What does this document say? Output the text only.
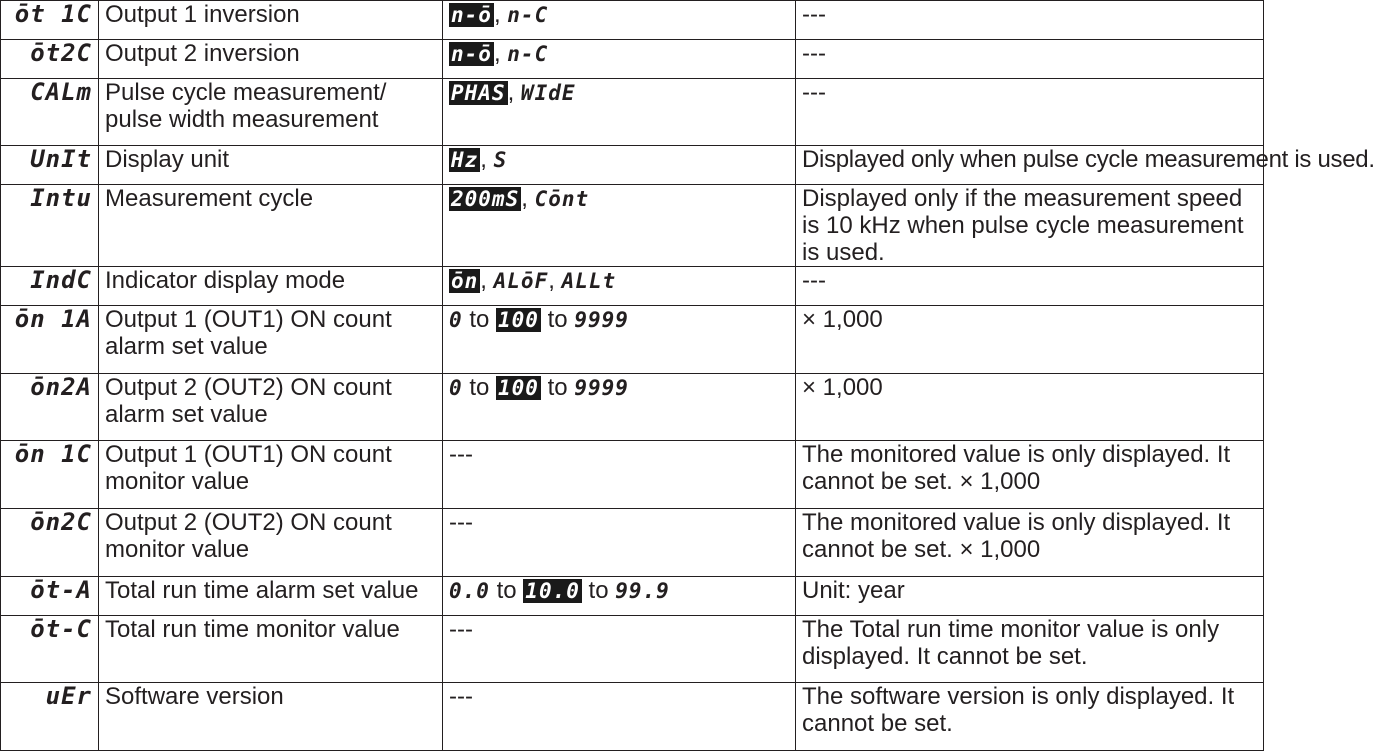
ōt 1C	Output 1 inversion	n-ō, n-C	---
ōt2C	Output 2 inversion	n-ō, n-C	---
CALm	Pulse cycle measurement/ pulse width measurement	PHAS, WIdE	---
UnIt	Display unit	Hz, S	Displayed only when pulse cycle measurement is used.
Intu	Measurement cycle	200mS, Cōnt	Displayed only if the measurement speed is 10 kHz when pulse cycle measurement is used.
IndC	Indicator display mode	ōn, ALōF, ALLt	---
ōn 1A	Output 1 (OUT1) ON count alarm set value	0 to 100 to 9999	× 1,000
ōn2A	Output 2 (OUT2) ON count alarm set value	0 to 100 to 9999	× 1,000
ōn 1C	Output 1 (OUT1) ON count monitor value	---	The monitored value is only displayed. It cannot be set. × 1,000
ōn2C	Output 2 (OUT2) ON count monitor value	---	The monitored value is only displayed. It cannot be set. × 1,000
ōt-A	Total run time alarm set value	0.0 to 10.0 to 99.9	Unit: year
ōt-C	Total run time monitor value	---	The Total run time monitor value is only displayed. It cannot be set.
uEr	Software version	---	The software version is only displayed. It cannot be set.
